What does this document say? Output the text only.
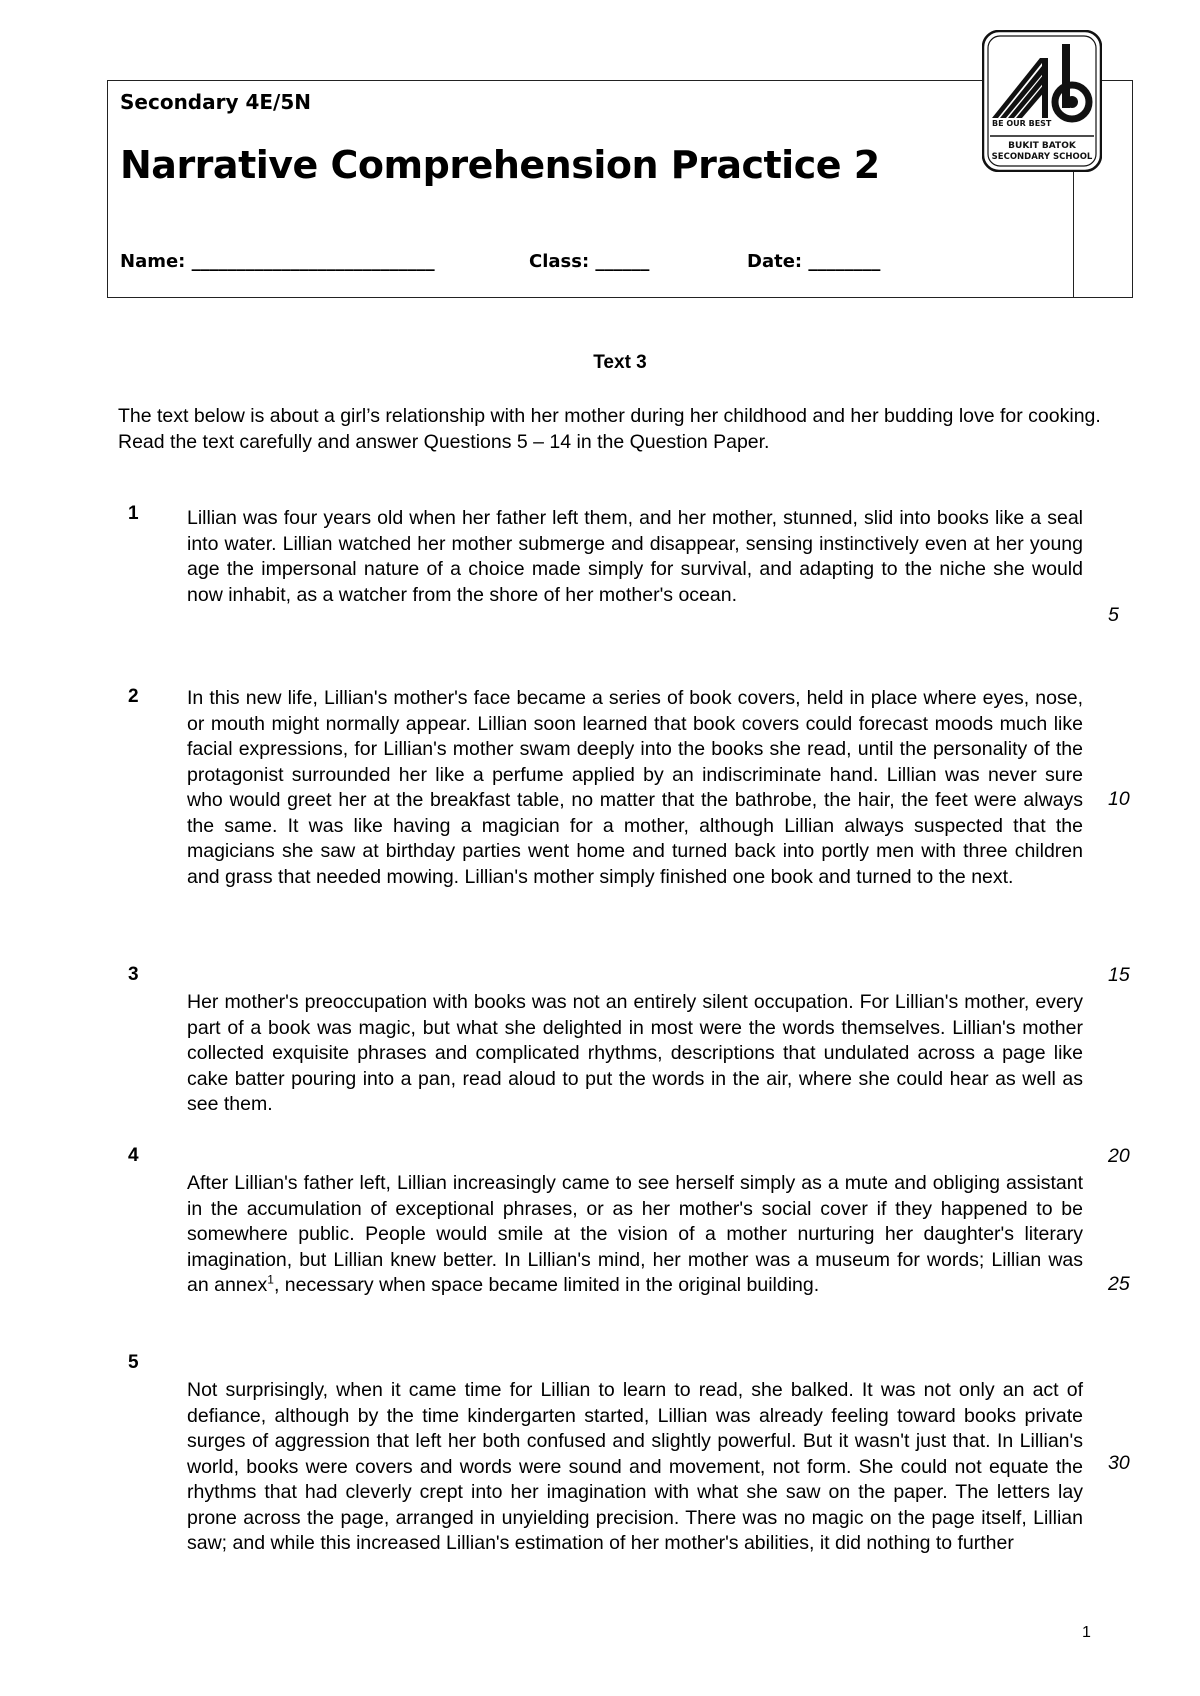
Secondary 4E/5N
Narrative Comprehension Practice 2
Name: ___________________________	Class: ______	Date: ________
BE OUR BEST
BUKIT BATOK
SECONDARY SCHOOL
Text 3
The text below is about a girl’s relationship with her mother during her childhood and her budding love for cooking. Read the text carefully and answer Questions 5 – 14 in the Question Paper.
1 Lillian was four years old when her father left them, and her mother, stunned, slid into books like a seal into water. Lillian watched her mother submerge and disappear, sensing instinctively even at her young age the impersonal nature of a choice made simply for survival, and adapting to the niche she would now inhabit, as a watcher from the shore of her mother's ocean.
2 In this new life, Lillian's mother's face became a series of book covers, held in place where eyes, nose, or mouth might normally appear. Lillian soon learned that book covers could forecast moods much like facial expressions, for Lillian's mother swam deeply into the books she read, until the personality of the protagonist surrounded her like a perfume applied by an indiscriminate hand. Lillian was never sure who would greet her at the breakfast table, no matter that the bathrobe, the hair, the feet were always the same. It was like having a magician for a mother, although Lillian always suspected that the magicians she saw at birthday parties went home and turned back into portly men with three children and grass that needed mowing. Lillian's mother simply finished one book and turned to the next.
3
Her mother's preoccupation with books was not an entirely silent occupation. For Lillian's mother, every part of a book was magic, but what she delighted in most were the words themselves. Lillian's mother collected exquisite phrases and complicated rhythms, descriptions that undulated across a page like cake batter pouring into a pan, read aloud to put the words in the air, where she could hear as well as see them.
4
After Lillian's father left, Lillian increasingly came to see herself simply as a mute and obliging assistant in the accumulation of exceptional phrases, or as her mother's social cover if they happened to be somewhere public. People would smile at the vision of a mother nurturing her daughter's literary imagination, but Lillian knew better. In Lillian's mind, her mother was a museum for words; Lillian was an annex$^1$, necessary when space became limited in the original building.
5
Not surprisingly, when it came time for Lillian to learn to read, she balked. It was not only an act of defiance, although by the time kindergarten started, Lillian was already feeling toward books private surges of aggression that left her both confused and slightly powerful. But it wasn't just that. In Lillian's world, books were covers and words were sound and movement, not form. She could not equate the rhythms that had cleverly crept into her imagination with what she saw on the paper. The letters lay prone across the page, arranged in unyielding precision. There was no magic on the page itself, Lillian saw; and while this increased Lillian's estimation of her mother's abilities, it did nothing to further
5
10
15
20
25
30
1
